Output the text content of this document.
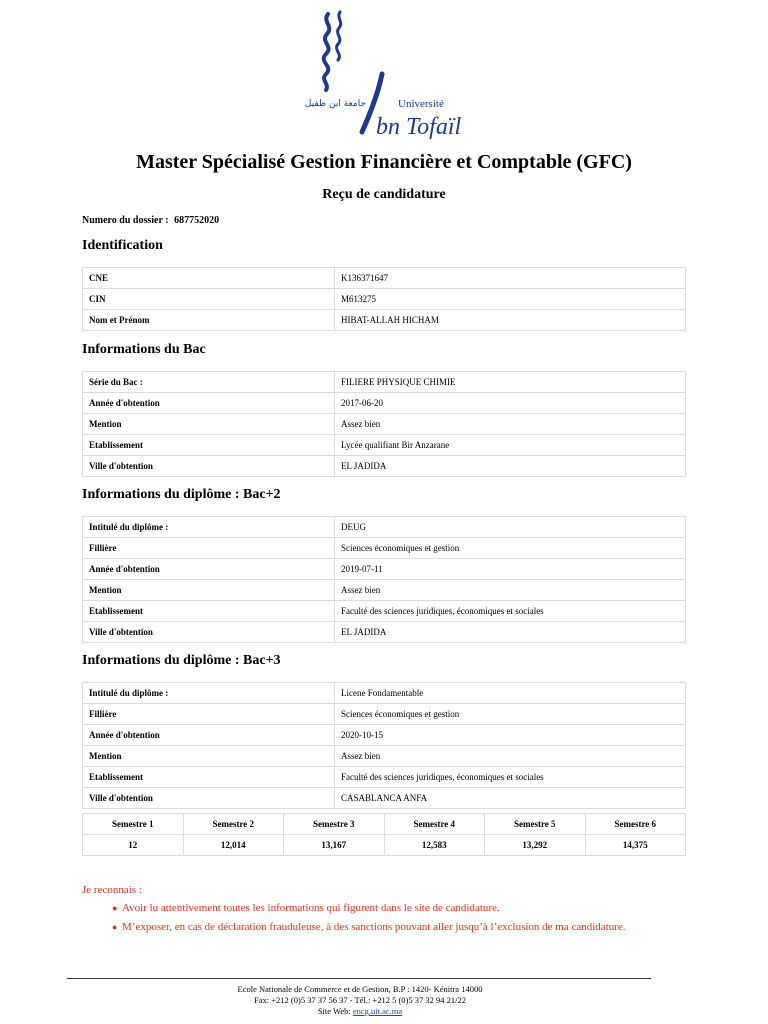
Université
bn Tofaïl
جامعة ابن طفيل
Master Spécialisé Gestion Financière et Comptable (GFC)
Reçu de candidature
Numero du dossier : 687752020
Identification
CNE	K136371647
CIN	M613275
Nom et Prénom	HIBAT-ALLAH HICHAM
Informations du Bac
Série du Bac :	FILIERE PHYSIQUE CHIMIE
Année d'obtention	2017-06-20
Mention	Assez bien
Etablissement	Lycée qualifiant Bir Anzarane
Ville d'obtention	EL JADIDA
Informations du diplôme : Bac+2
Intitulé du diplôme :	DEUG
Fillière	Sciences économiques et gestion
Année d'obtention	2019-07-11
Mention	Assez bien
Etablissement	Faculté des sciences juridiques, économiques et sociales
Ville d'obtention	EL JADIDA
Informations du diplôme : Bac+3
Intitulé du diplôme :	Licene Fondamentable
Fillière	Sciences économiques et gestion
Année d'obtention	2020-10-15
Mention	Assez bien
Etablissement	Faculté des sciences juridiques, économiques et sociales
Ville d'obtention	CASABLANCA ANFA
Semestre 1	Semestre 2	Semestre 3	Semestre 4	Semestre 5	Semestre 6
12	12,014	13,167	12,583	13,292	14,375
Je reconnais :
● Avoir lu attentivement toutes les informations qui figurent dans le site de candidature.
● M’exposer, en cas de déclaration frauduleuse, à des sanctions pouvant aller jusqu’à l’exclusion de ma candidature.
Ecole Nationale de Commerce et de Gestion, B.P : 1420- Kénitra 14000
Fax: +212 (0)5 37 37 56 37 - Tél.: +212 5 (0)5 37 32 94 21/22
Site Web: encg.uit.ac.ma
